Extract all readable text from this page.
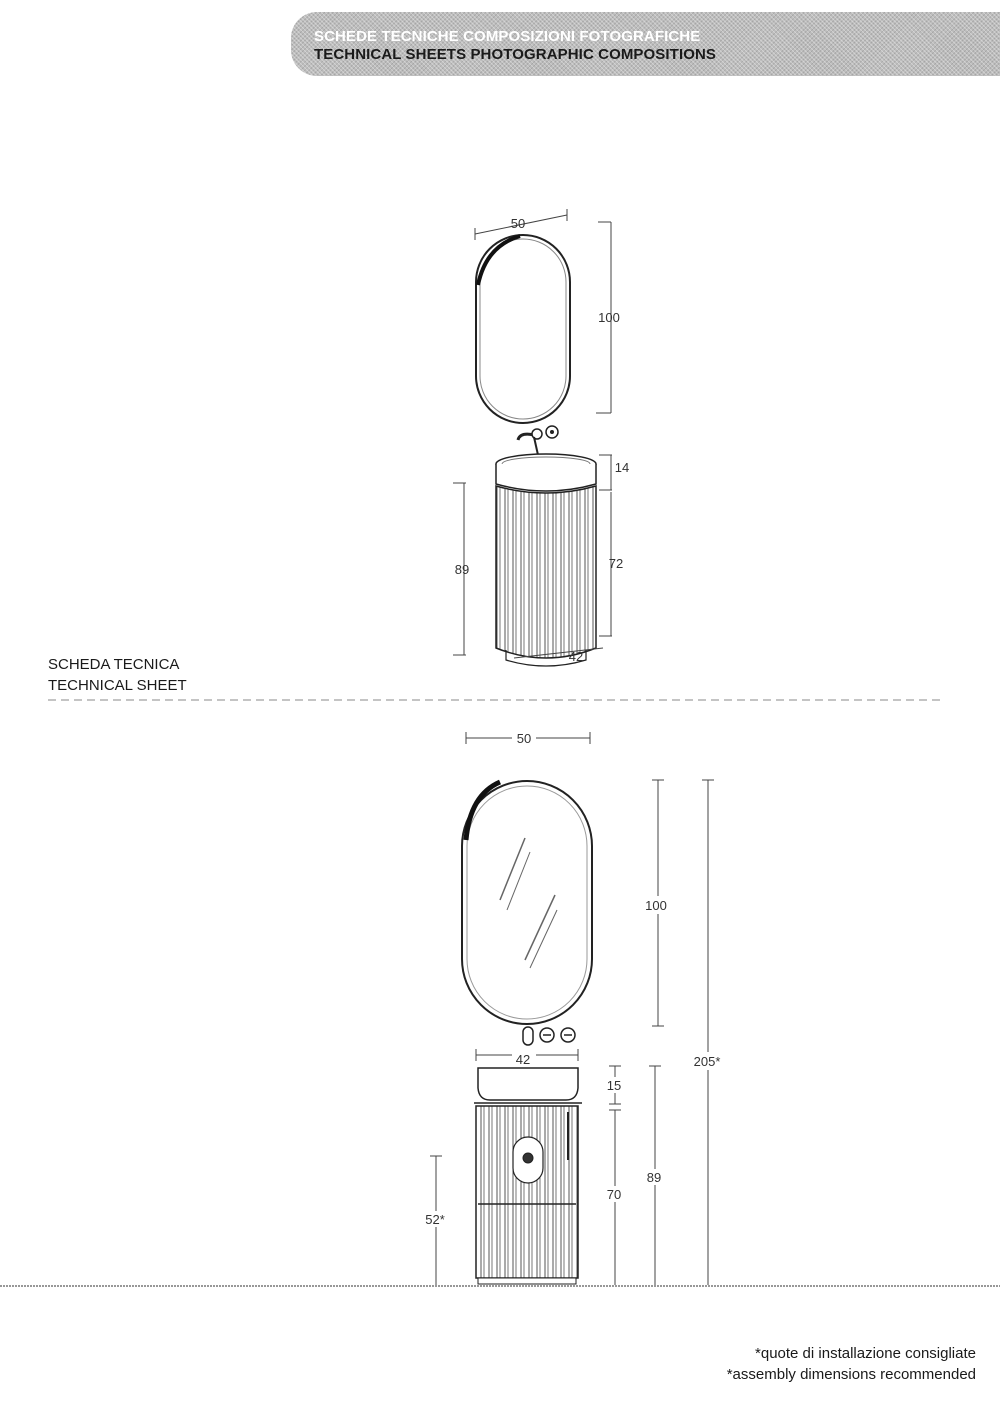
SCHEDE TECNICHE COMPOSIZIONI FOTOGRAFICHE
TECHNICAL SHEETS PHOTOGRAPHIC COMPOSITIONS
50
100
14
72
89
42
50
100
205*
42
15
70
89
52*
SCHEDA TECNICA
TECHNICAL SHEET
*quote di installazione consigliate
*assembly dimensions recommended
